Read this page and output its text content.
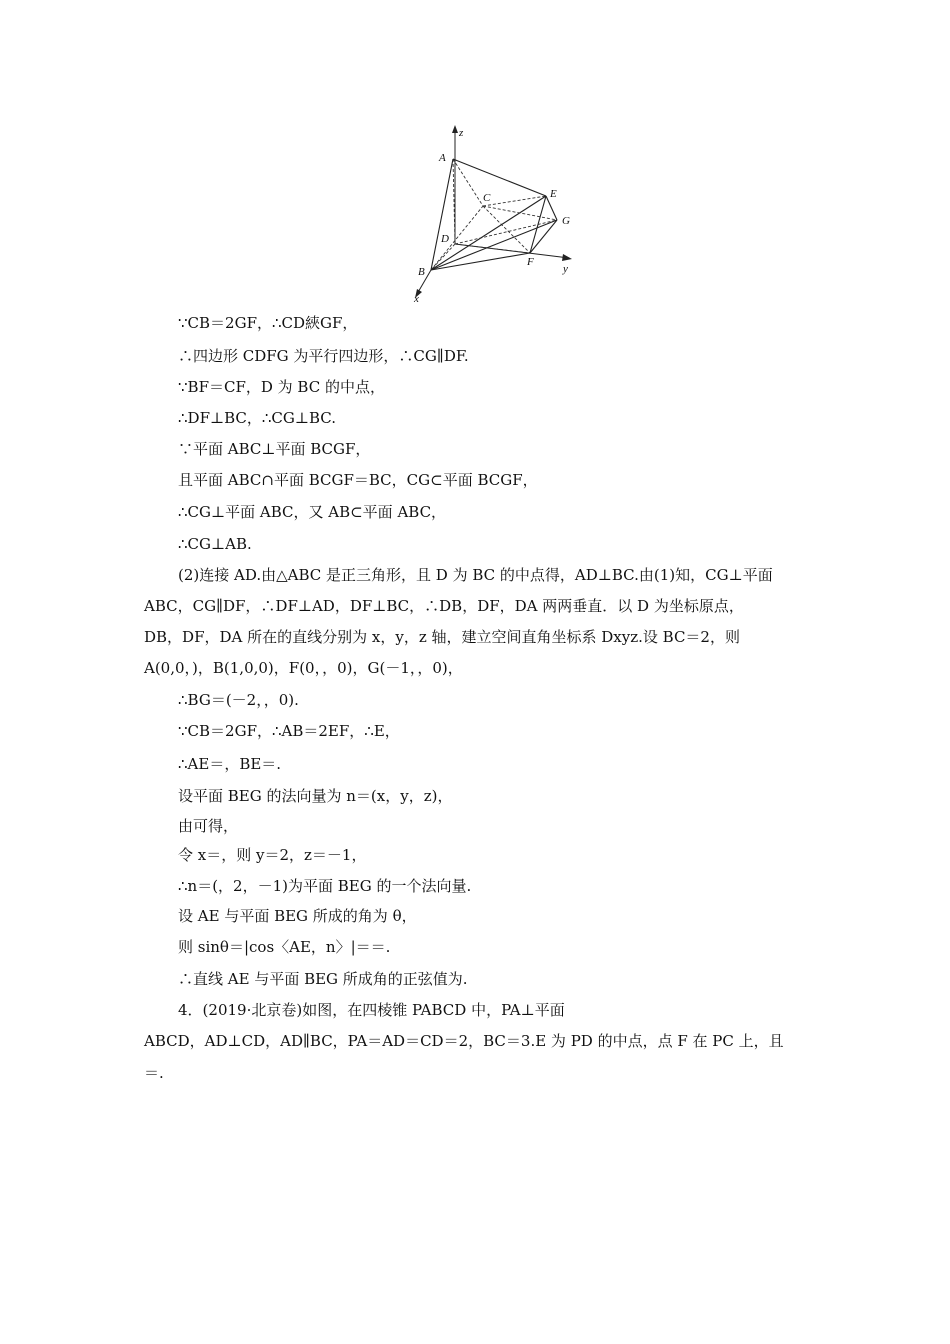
z
A
C	E
G
D
F
y
B
x
∵CB＝2GF，∴CD綊GF，
∴四边形 CDFG 为平行四边形，∴CG∥DF.
∵BF＝CF，D 为 BC 的中点，
∴DF⊥BC，∴CG⊥BC.
∵平面 ABC⊥平面 BCGF，
且平面 ABC∩平面 BCGF＝BC，CG⊂平面 BCGF，
∴CG⊥平面 ABC，又 AB⊂平面 ABC，
∴CG⊥AB.
(2)连接 AD.由△ABC 是正三角形，且 D 为 BC 的中点得，AD⊥BC.由(1)知，CG⊥平面
ABC，CG∥DF，∴DF⊥AD，DF⊥BC，∴DB，DF，DA 两两垂直．以 D 为坐标原点，
DB，DF，DA 所在的直线分别为 x，y，z 轴，建立空间直角坐标系 Dxyz.设 BC＝2，则
A(0,0，)，B(1,0,0)，F(0，，0)，G(－1，，0)，
∴BG＝(－2，，0).
∵CB＝2GF，∴AB＝2EF，∴E，
∴AE＝，BE＝.
设平面 BEG 的法向量为 n＝(x，y，z)，
由可得，
令 x＝，则 y＝2，z＝－1，
∴n＝(，2，－1)为平面 BEG 的一个法向量.
设 AE 与平面 BEG 所成的角为 θ，
则 sinθ＝|cos〈AE，n〉|＝＝.
∴直线 AE 与平面 BEG 所成角的正弦值为.
4．(2019·北京卷)如图，在四棱锥 PABCD 中，PA⊥平面
ABCD，AD⊥CD，AD∥BC，PA＝AD＝CD＝2，BC＝3.E 为 PD 的中点，点 F 在 PC 上，且
＝.
